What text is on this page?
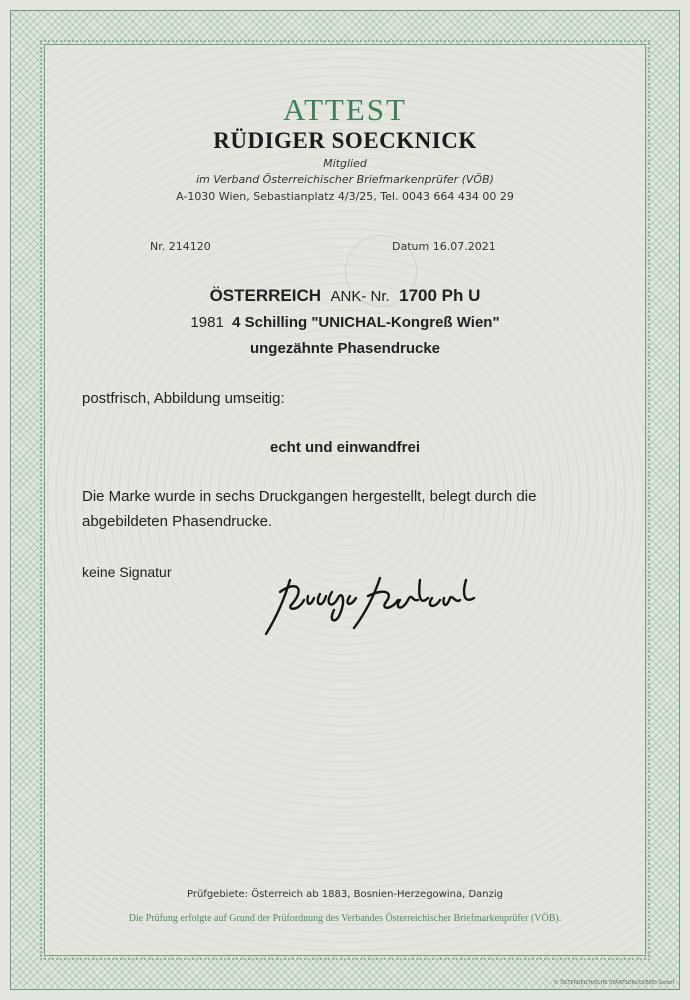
ATTEST
RÜDIGER SOECKNICK
Mitglied
im Verband Österreichischer Briefmarkenprüfer (VÖB)
A-1030 Wien, Sebastianplatz 4/3/25, Tel. 0043 664 434 00 29
Nr. 214120	Datum 16.07.2021
ÖSTERREICH ANK- Nr. 1700 Ph U
1981 4 Schilling "UNICHAL-Kongreß Wien"
ungezähnte Phasendrucke
postfrisch, Abbildung umseitig:
echt und einwandfrei
Die Marke wurde in sechs Druckgangen hergestellt, belegt durch die
abgebildeten Phasendrucke.
keine Signatur
Prüfgebiete: Österreich ab 1883, Bosnien-Herzegowina, Danzig
Die Prüfung erfolgte auf Grund der Prüfordnung des Verbandes Österreichischer Briefmarkenprüfer (VÖB).
© ÖSTERREICHISCHE STAATSDRUCKEREI GmbH
